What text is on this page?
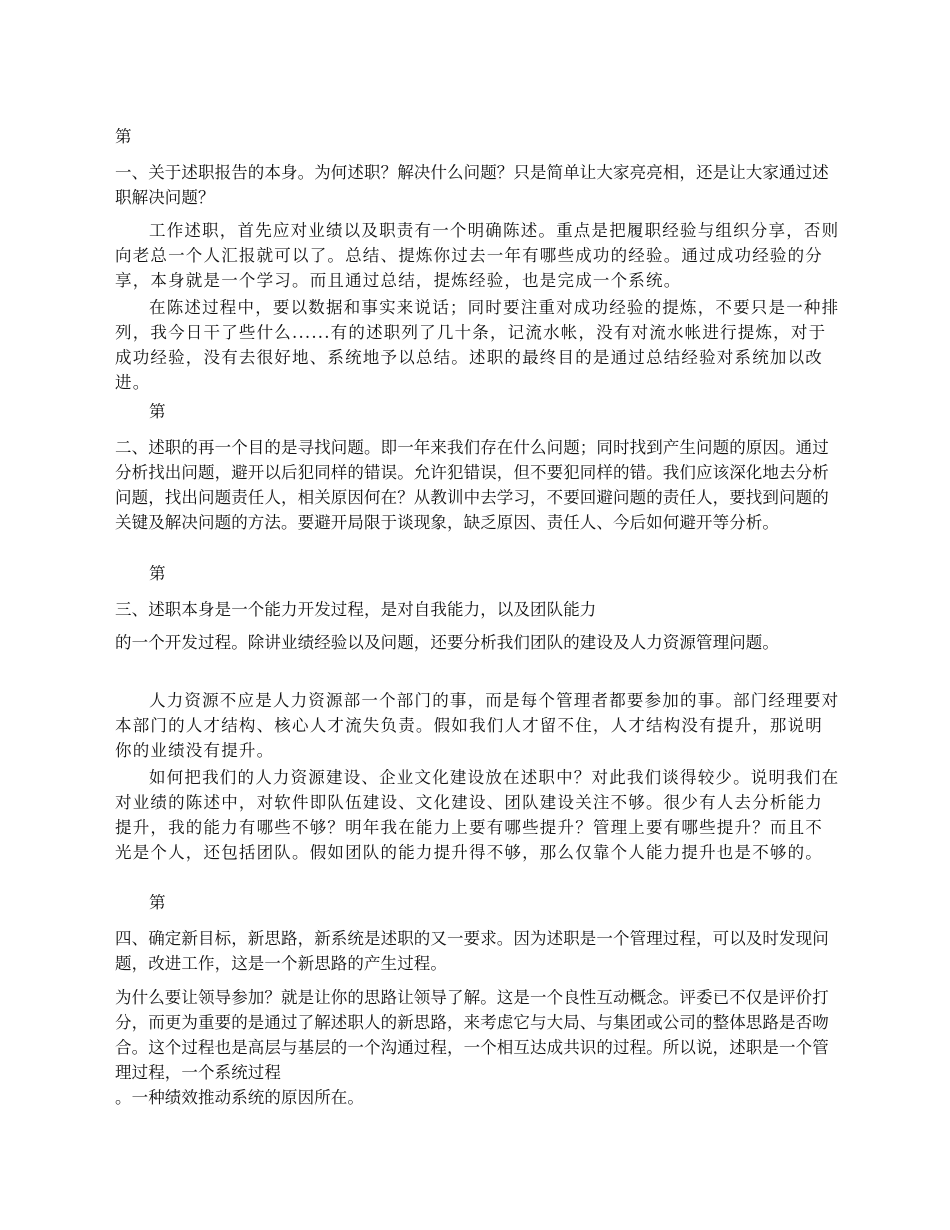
第

一、关于述职报告的本身。为何述职？解决什么问题？只是简单让大家亮亮相，还是让大家通过述职解决问题？

工作述职，首先应对业绩以及职责有一个明确陈述。重点是把履职经验与组织分享，否则向老总一个人汇报就可以了。总结、提炼你过去一年有哪些成功的经验。通过成功经验的分享，本身就是一个学习。而且通过总结，提炼经验，也是完成一个系统。

在陈述过程中，要以数据和事实来说话；同时要注重对成功经验的提炼，不要只是一种排列，我今日干了些什么......有的述职列了几十条，记流水帐，没有对流水帐进行提炼，对于成功经验，没有去很好地、系统地予以总结。述职的最终目的是通过总结经验对系统加以改进。

第

二、述职的再一个目的是寻找问题。即一年来我们存在什么问题；同时找到产生问题的原因。通过分析找出问题，避开以后犯同样的错误。允许犯错误，但不要犯同样的错。我们应该深化地去分析问题，找出问题责任人，相关原因何在？从教训中去学习，不要回避问题的责任人，要找到问题的关键及解决问题的方法。要避开局限于谈现象，缺乏原因、责任人、今后如何避开等分析。

第

三、述职本身是一个能力开发过程，是对自我能力，以及团队能力

的一个开发过程。除讲业绩经验以及问题，还要分析我们团队的建设及人力资源管理问题。

人力资源不应是人力资源部一个部门的事，而是每个管理者都要参加的事。部门经理要对本部门的人才结构、核心人才流失负责。假如我们人才留不住，人才结构没有提升，那说明你的业绩没有提升。

如何把我们的人力资源建设、企业文化建设放在述职中？对此我们谈得较少。说明我们在对业绩的陈述中，对软件即队伍建设、文化建设、团队建设关注不够。很少有人去分析能力提升，我的能力有哪些不够？明年我在能力上要有哪些提升？管理上要有哪些提升？而且不光是个人，还包括团队。假如团队的能力提升得不够，那么仅靠个人能力提升也是不够的。

第

四、确定新目标，新思路，新系统是述职的又一要求。因为述职是一个管理过程，可以及时发现问题，改进工作，这是一个新思路的产生过程。

为什么要让领导参加？就是让你的思路让领导了解。这是一个良性互动概念。评委已不仅是评价打分，而更为重要的是通过了解述职人的新思路，来考虑它与大局、与集团或公司的整体思路是否吻合。这个过程也是高层与基层的一个沟通过程，一个相互达成共识的过程。所以说，述职是一个管理过程，一个系统过程

。一种绩效推动系统的原因所在。
